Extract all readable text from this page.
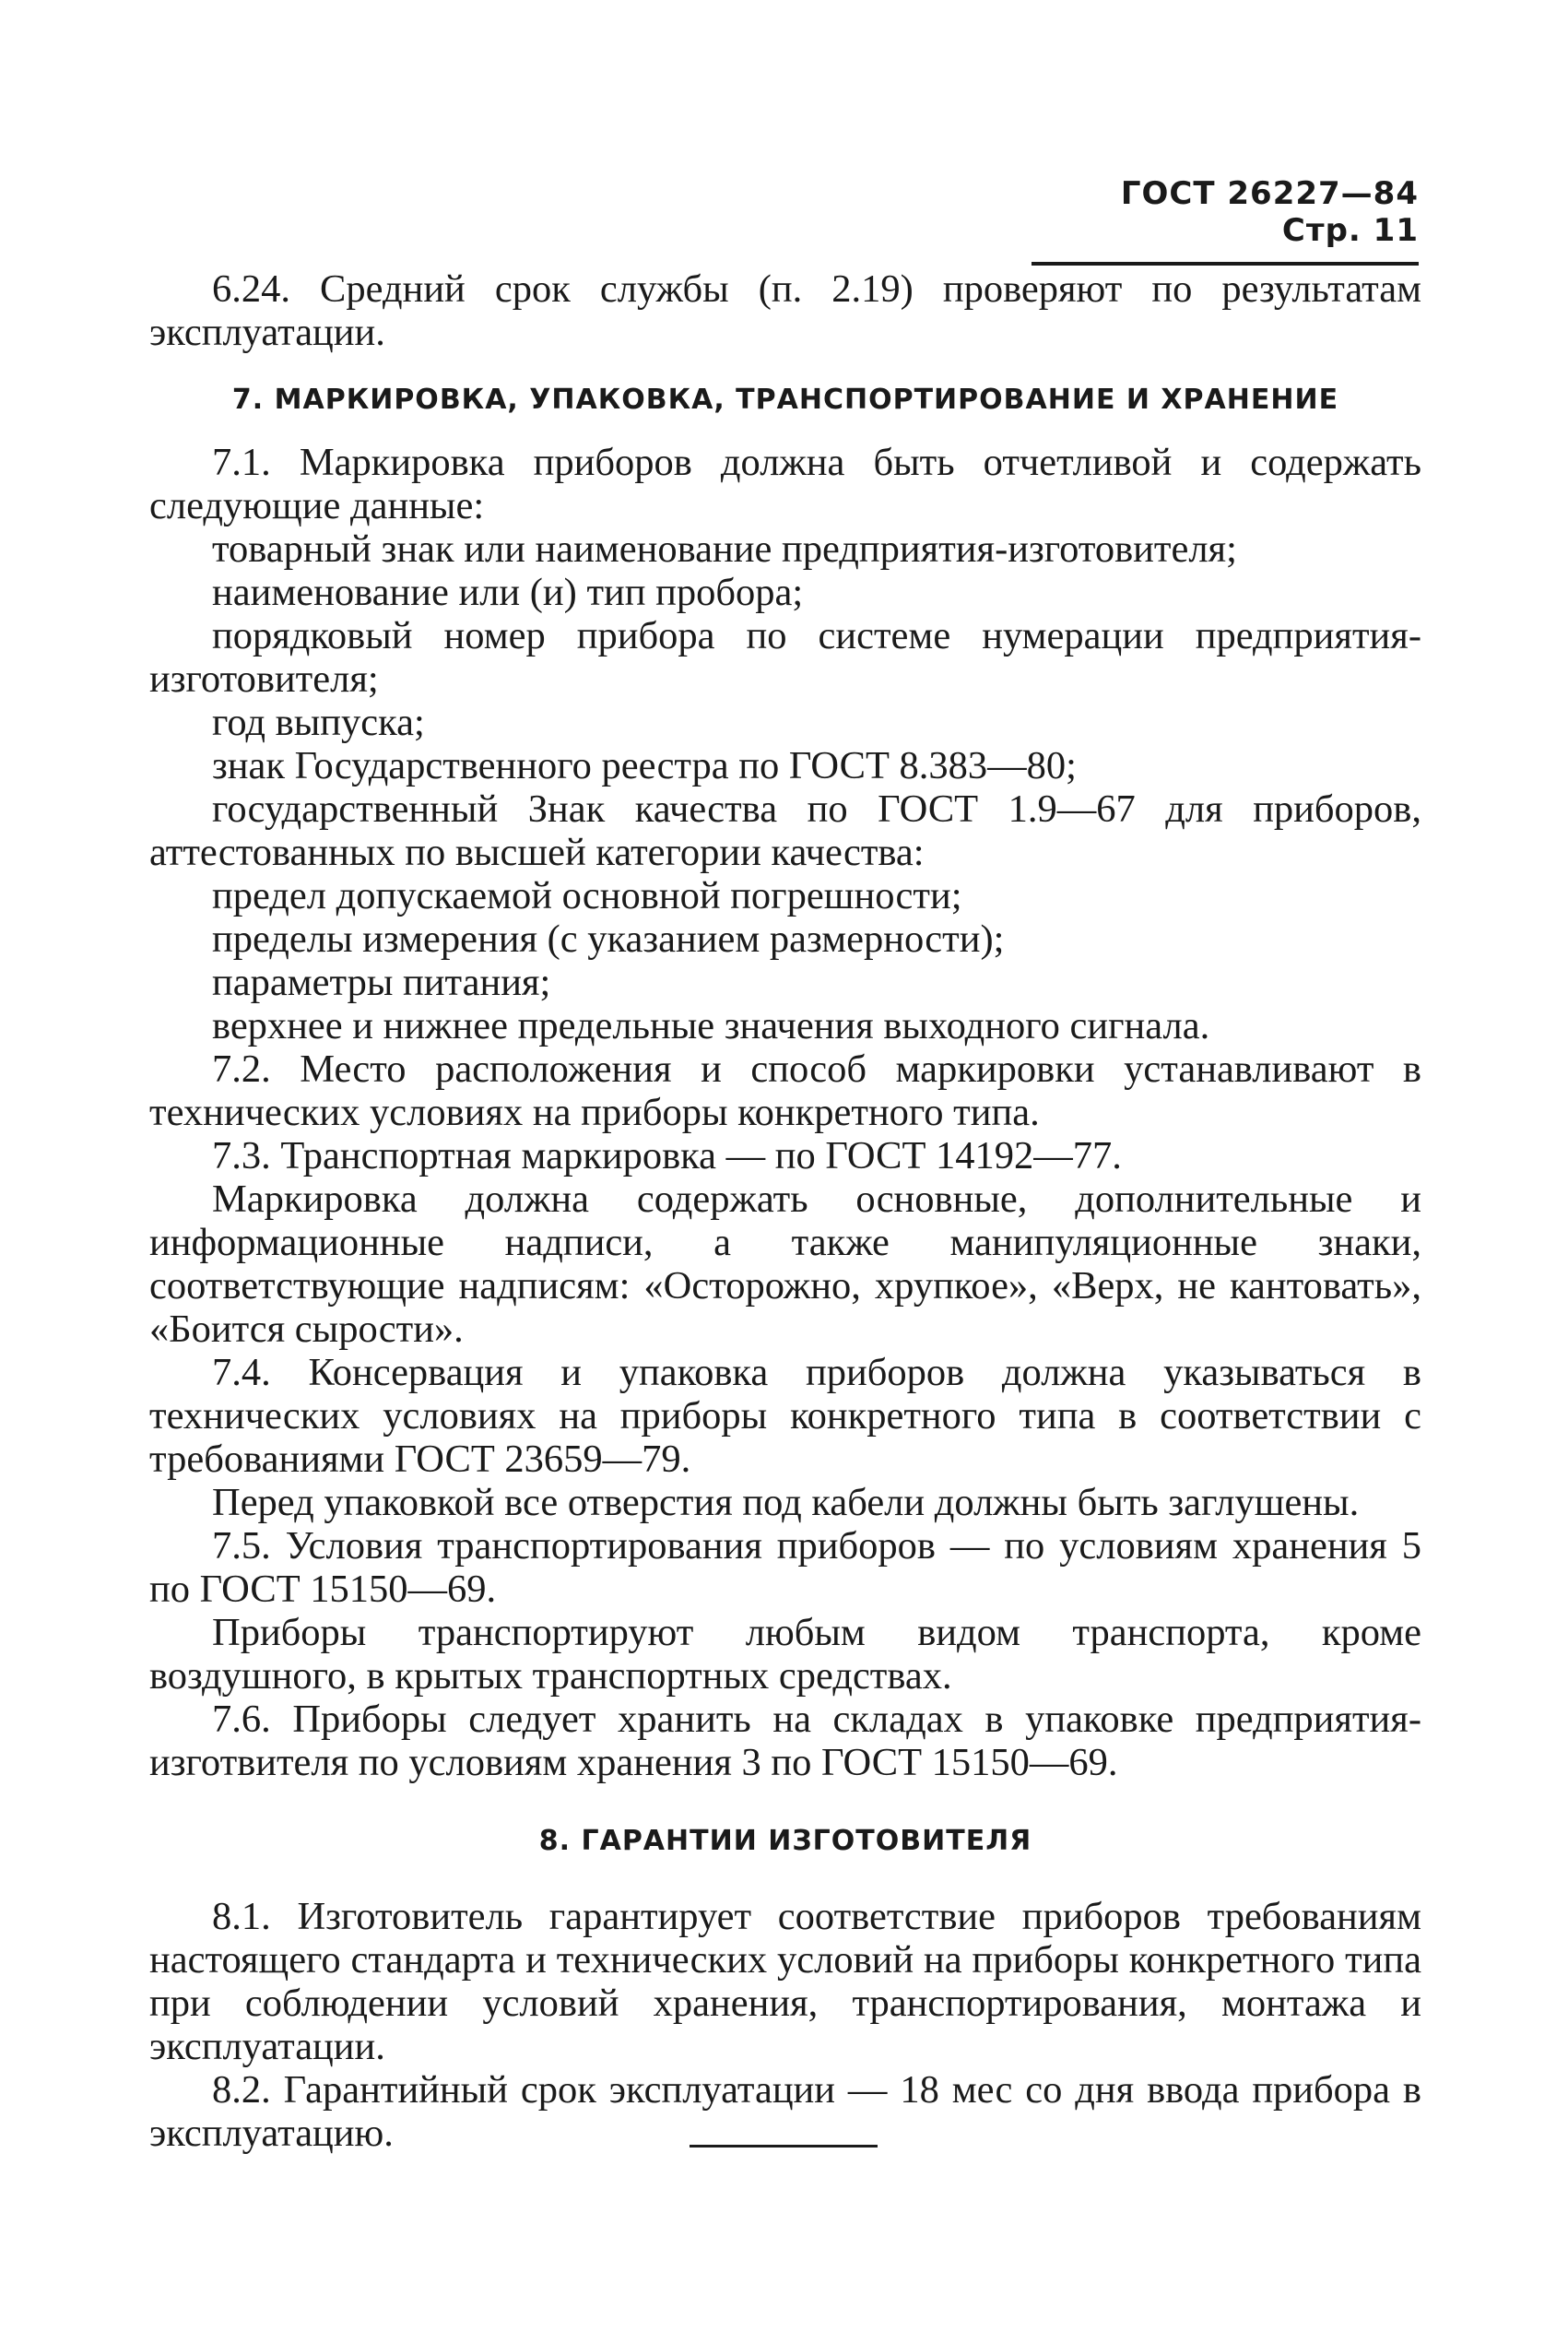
ГОСТ 26227—84 Стр. 11

6.24. Средний срок службы (п. 2.19) проверяют по результатам эксплуатации.

7. МАРКИРОВКА, УПАКОВКА, ТРАНСПОРТИРОВАНИЕ И ХРАНЕНИЕ

7.1. Маркировка приборов должна быть отчетливой и содержать следующие данные:

товарный знак или наименование предприятия-изготовителя;

наименование или (и) тип пробора;

порядковый номер прибора по системе нумерации предприятия-изготовителя;

год выпуска;

знак Государственного реестра по ГОСТ 8.383—80;

государственный Знак качества по ГОСТ 1.9—67 для приборов, аттестованных по высшей категории качества:

предел допускаемой основной погрешности;

пределы измерения (с указанием размерности);

параметры питания;

верхнее и нижнее предельные значения выходного сигнала.

7.2. Место расположения и способ маркировки устанавливают в технических условиях на приборы конкретного типа.

7.3. Транспортная маркировка — по ГОСТ 14192—77.

Маркировка должна содержать основные, дополнительные и информационные надписи, а также манипуляционные знаки, соответствующие надписям: «Осторожно, хрупкое», «Верх, не кантовать», «Боится сырости».

7.4. Консервация и упаковка приборов должна указываться в технических условиях на приборы конкретного типа в соответствии с требованиями ГОСТ 23659—79.

Перед упаковкой все отверстия под кабели должны быть заглушены.

7.5. Условия транспортирования приборов — по условиям хранения 5 по ГОСТ 15150—69.

Приборы транспортируют любым видом транспорта, кроме воздушного, в крытых транспортных средствах.

7.6. Приборы следует хранить на складах в упаковке предприятия-изготвителя по условиям хранения 3 по ГОСТ 15150—69.

8. ГАРАНТИИ ИЗГОТОВИТЕЛЯ

8.1. Изготовитель гарантирует соответствие приборов требованиям настоящего стандарта и технических условий на приборы конкретного типа при соблюдении условий хранения, транспортирования, монтажа и эксплуатации.

8.2. Гарантийный срок эксплуатации — 18 мес со дня ввода прибора в эксплуатацию.
